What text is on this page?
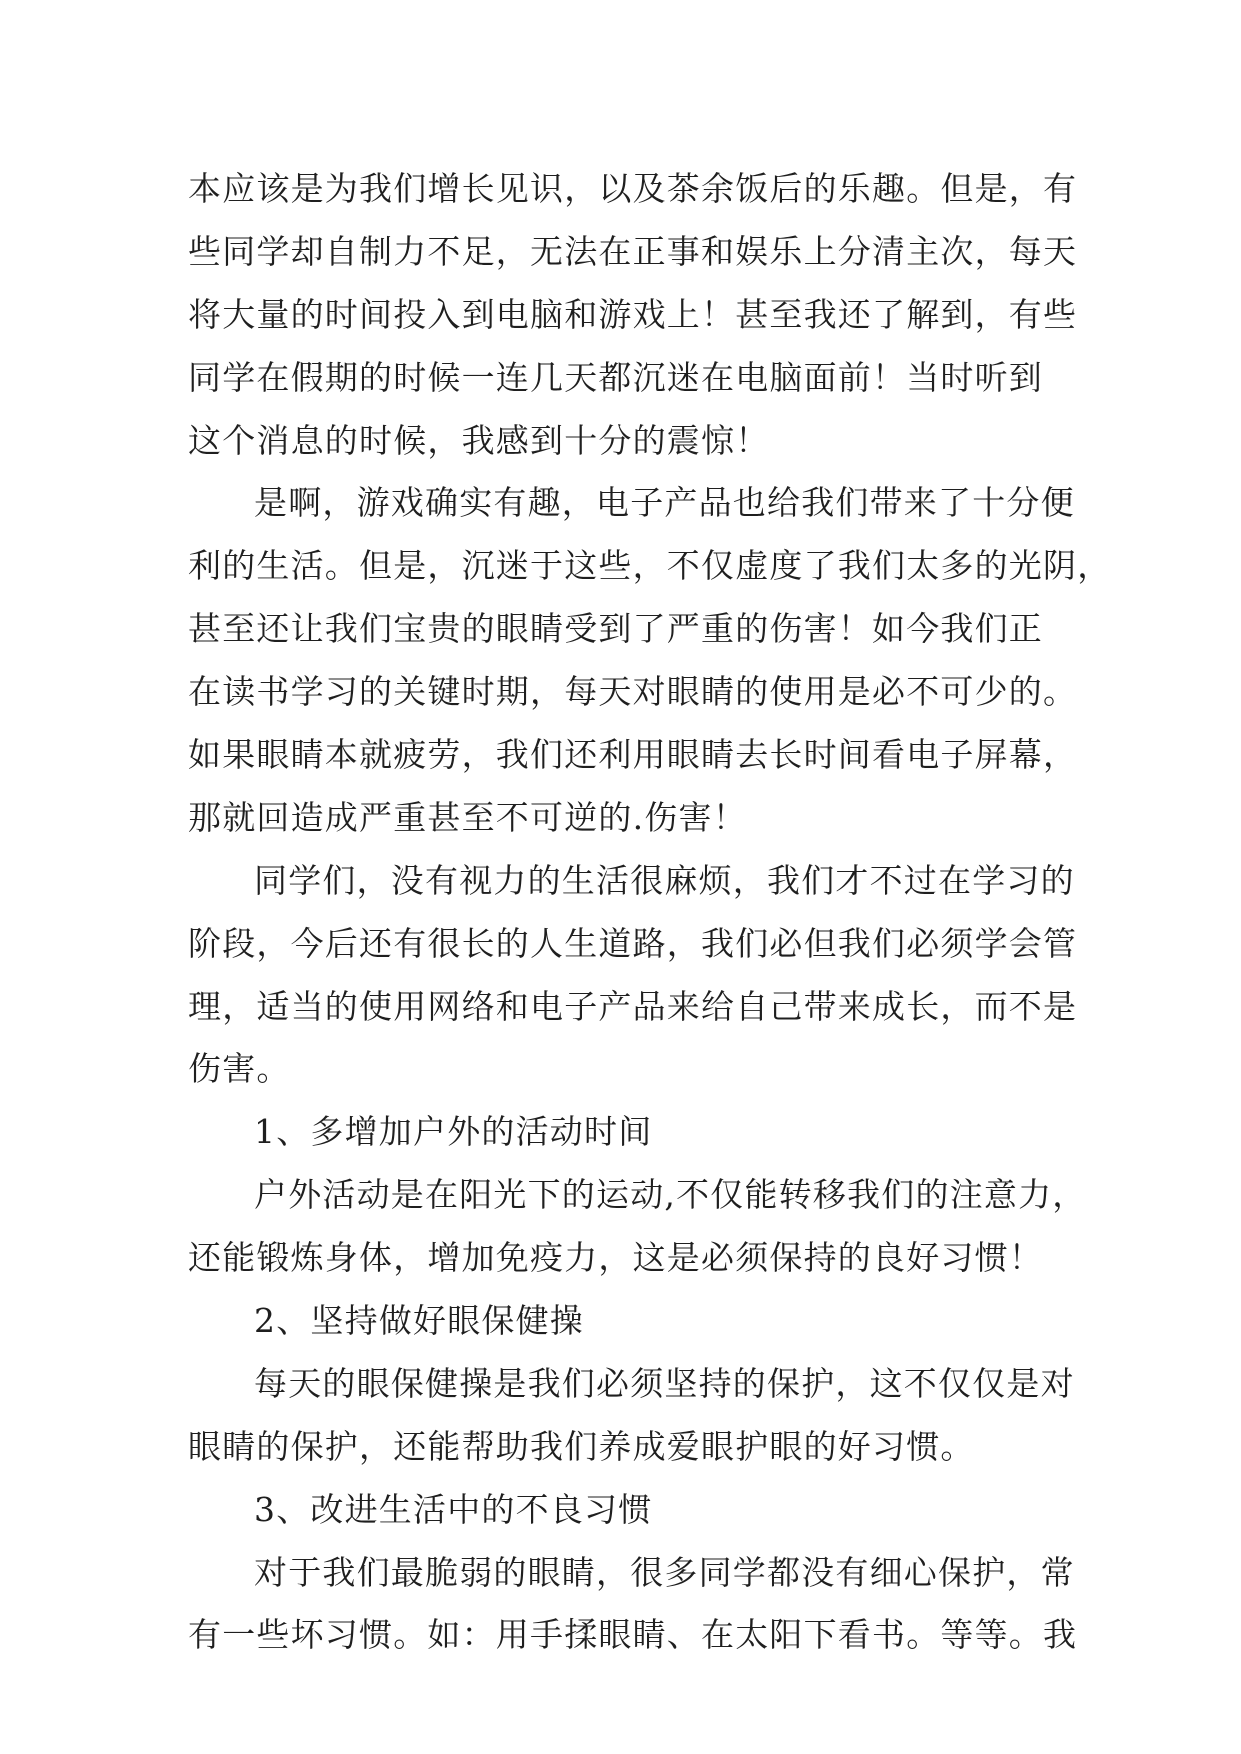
本应该是为我们增长见识，以及茶余饭后的乐趣。但是，有
些同学却自制力不足，无法在正事和娱乐上分清主次，每天
将大量的时间投入到电脑和游戏上！甚至我还了解到，有些
同学在假期的时候一连几天都沉迷在电脑面前！当时听到
这个消息的时候，我感到十分的震惊！
是啊，游戏确实有趣，电子产品也给我们带来了十分便
利的生活。但是，沉迷于这些，不仅虚度了我们太多的光阴，
甚至还让我们宝贵的眼睛受到了严重的伤害！如今我们正
在读书学习的关键时期，每天对眼睛的使用是必不可少的。
如果眼睛本就疲劳，我们还利用眼睛去长时间看电子屏幕，
那就回造成严重甚至不可逆的.伤害！
同学们，没有视力的生活很麻烦，我们才不过在学习的
阶段，今后还有很长的人生道路，我们必但我们必须学会管
理，适当的使用网络和电子产品来给自己带来成长，而不是
伤害。
1、多增加户外的活动时间
户外活动是在阳光下的运动,不仅能转移我们的注意力，
还能锻炼身体，增加免疫力，这是必须保持的良好习惯！
2、坚持做好眼保健操
每天的眼保健操是我们必须坚持的保护，这不仅仅是对
眼睛的保护，还能帮助我们养成爱眼护眼的好习惯。
3、改进生活中的不良习惯
对于我们最脆弱的眼睛，很多同学都没有细心保护，常
有一些坏习惯。如：用手揉眼睛、在太阳下看书。等等。我
